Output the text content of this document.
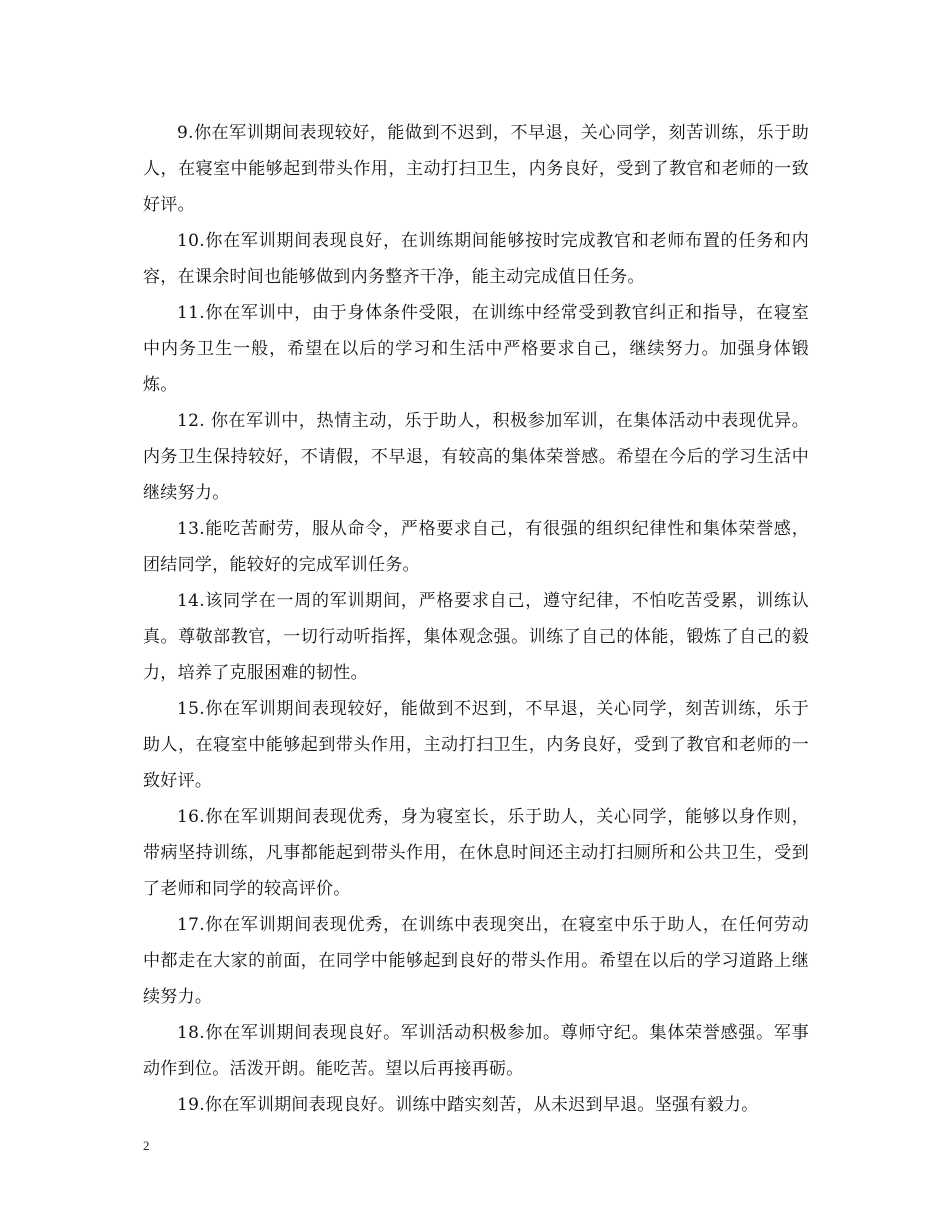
9.你在军训期间表现较好，能做到不迟到，不早退，关心同学，刻苦训练，乐于助人，在寝室中能够起到带头作用，主动打扫卫生，内务良好，受到了教官和老师的一致好评。

10.你在军训期间表现良好，在训练期间能够按时完成教官和老师布置的任务和内容，在课余时间也能够做到内务整齐干净，能主动完成值日任务。

11.你在军训中，由于身体条件受限，在训练中经常受到教官纠正和指导，在寝室中内务卫生一般，希望在以后的学习和生活中严格要求自己，继续努力。加强身体锻炼。

12. 你在军训中，热情主动，乐于助人，积极参加军训，在集体活动中表现优异。内务卫生保持较好，不请假，不早退，有较高的集体荣誉感。希望在今后的学习生活中继续努力。

13.能吃苦耐劳，服从命令，严格要求自己，有很强的组织纪律性和集体荣誉感，团结同学，能较好的完成军训任务。

14.该同学在一周的军训期间，严格要求自己，遵守纪律，不怕吃苦受累，训练认真。尊敬部教官，一切行动听指挥，集体观念强。训练了自己的体能，锻炼了自己的毅力，培养了克服困难的韧性。

15.你在军训期间表现较好，能做到不迟到，不早退，关心同学，刻苦训练，乐于助人，在寝室中能够起到带头作用，主动打扫卫生，内务良好，受到了教官和老师的一致好评。

16.你在军训期间表现优秀，身为寝室长，乐于助人，关心同学，能够以身作则，带病坚持训练，凡事都能起到带头作用，在休息时间还主动打扫厕所和公共卫生，受到了老师和同学的较高评价。

17.你在军训期间表现优秀，在训练中表现突出，在寝室中乐于助人，在任何劳动中都走在大家的前面，在同学中能够起到良好的带头作用。希望在以后的学习道路上继续努力。

18.你在军训期间表现良好。军训活动积极参加。尊师守纪。集体荣誉感强。军事动作到位。活泼开朗。能吃苦。望以后再接再砺。

19.你在军训期间表现良好。训练中踏实刻苦，从未迟到早退。坚强有毅力。

2
